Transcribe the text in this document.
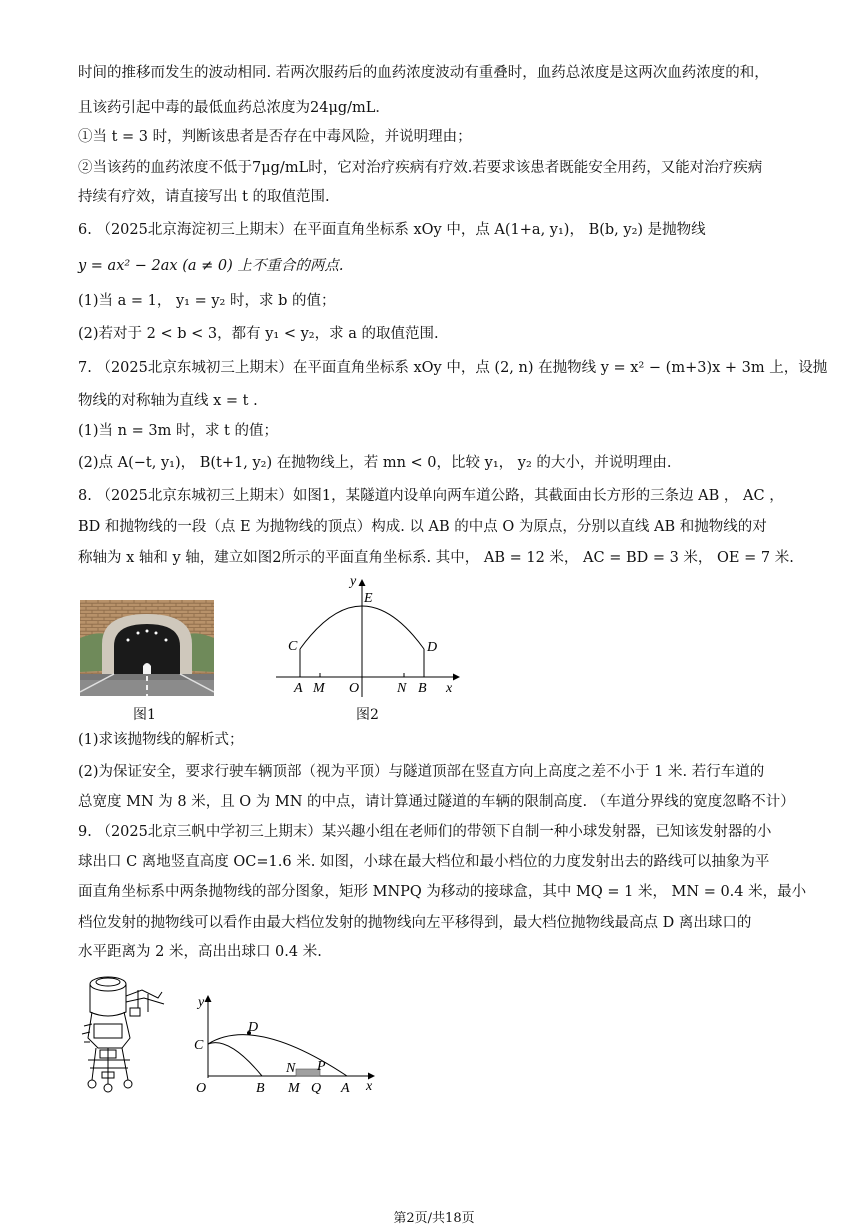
时间的推移而发生的波动相同. 若两次服药后的血药浓度波动有重叠时，血药总浓度是这两次血药浓度的和，
且该药引起中毒的最低血药总浓度为24μg/mL．
①当 t = 3 时，判断该患者是否存在中毒风险，并说明理由；
②当该药的血药浓度不低于7μg/mL时，它对治疗疾病有疗效.若要求该患者既能安全用药，又能对治疗疾病
持续有疗效，请直接写出 t 的取值范围.
6. （2025北京海淀初三上期末）在平面直角坐标系 xOy 中，点 A(1+a, y₁)， B(b, y₂) 是抛物线
y = ax² − 2ax (a ≠ 0) 上不重合的两点.
(1)当 a = 1， y₁ = y₂ 时，求 b 的值；
(2)若对于 2 < b < 3，都有 y₁ < y₂，求 a 的取值范围.
7. （2025北京东城初三上期末）在平面直角坐标系 xOy 中，点 (2, n) 在抛物线 y = x² − (m+3)x + 3m 上，设抛
物线的对称轴为直线 x = t .
(1)当 n = 3m 时，求 t 的值；
(2)点 A(−t, y₁)， B(t+1, y₂) 在抛物线上，若 mn < 0，比较 y₁， y₂ 的大小，并说明理由.
8. （2025北京东城初三上期末）如图1，某隧道内设单向两车道公路，其截面由长方形的三条边 AB ， AC ，
BD 和抛物线的一段（点 E 为抛物线的顶点）构成. 以 AB 的中点 O 为原点，分别以直线 AB 和抛物线的对
称轴为 x 轴和 y 轴，建立如图2所示的平面直角坐标系. 其中， AB = 12 米， AC = BD = 3 米， OE = 7 米.
图1
y
E
C	D
A M O	N B x
图2
(1)求该抛物线的解析式；
(2)为保证安全，要求行驶车辆顶部（视为平顶）与隧道顶部在竖直方向上高度之差不小于 1 米. 若行车道的
总宽度 MN 为 8 米，且 O 为 MN 的中点，请计算通过隧道的车辆的限制高度. （车道分界线的宽度忽略不计）
9. （2025北京三帆中学初三上期末）某兴趣小组在老师们的带领下自制一种小球发射器，已知该发射器的小
球出口 C 离地竖直高度 OC=1.6 米. 如图，小球在最大档位和最小档位的力度发射出去的路线可以抽象为平
面直角坐标系中两条抛物线的部分图象，矩形 MNPQ 为移动的接球盒，其中 MQ = 1 米， MN = 0.4 米，最小
档位发射的抛物线可以看作由最大档位发射的抛物线向左平移得到，最大档位抛物线最高点 D 离出球口的
水平距离为 2 米，高出出球口 0.4 米.
y
D
C
N P
O	B M Q A x
第2页/共18页
